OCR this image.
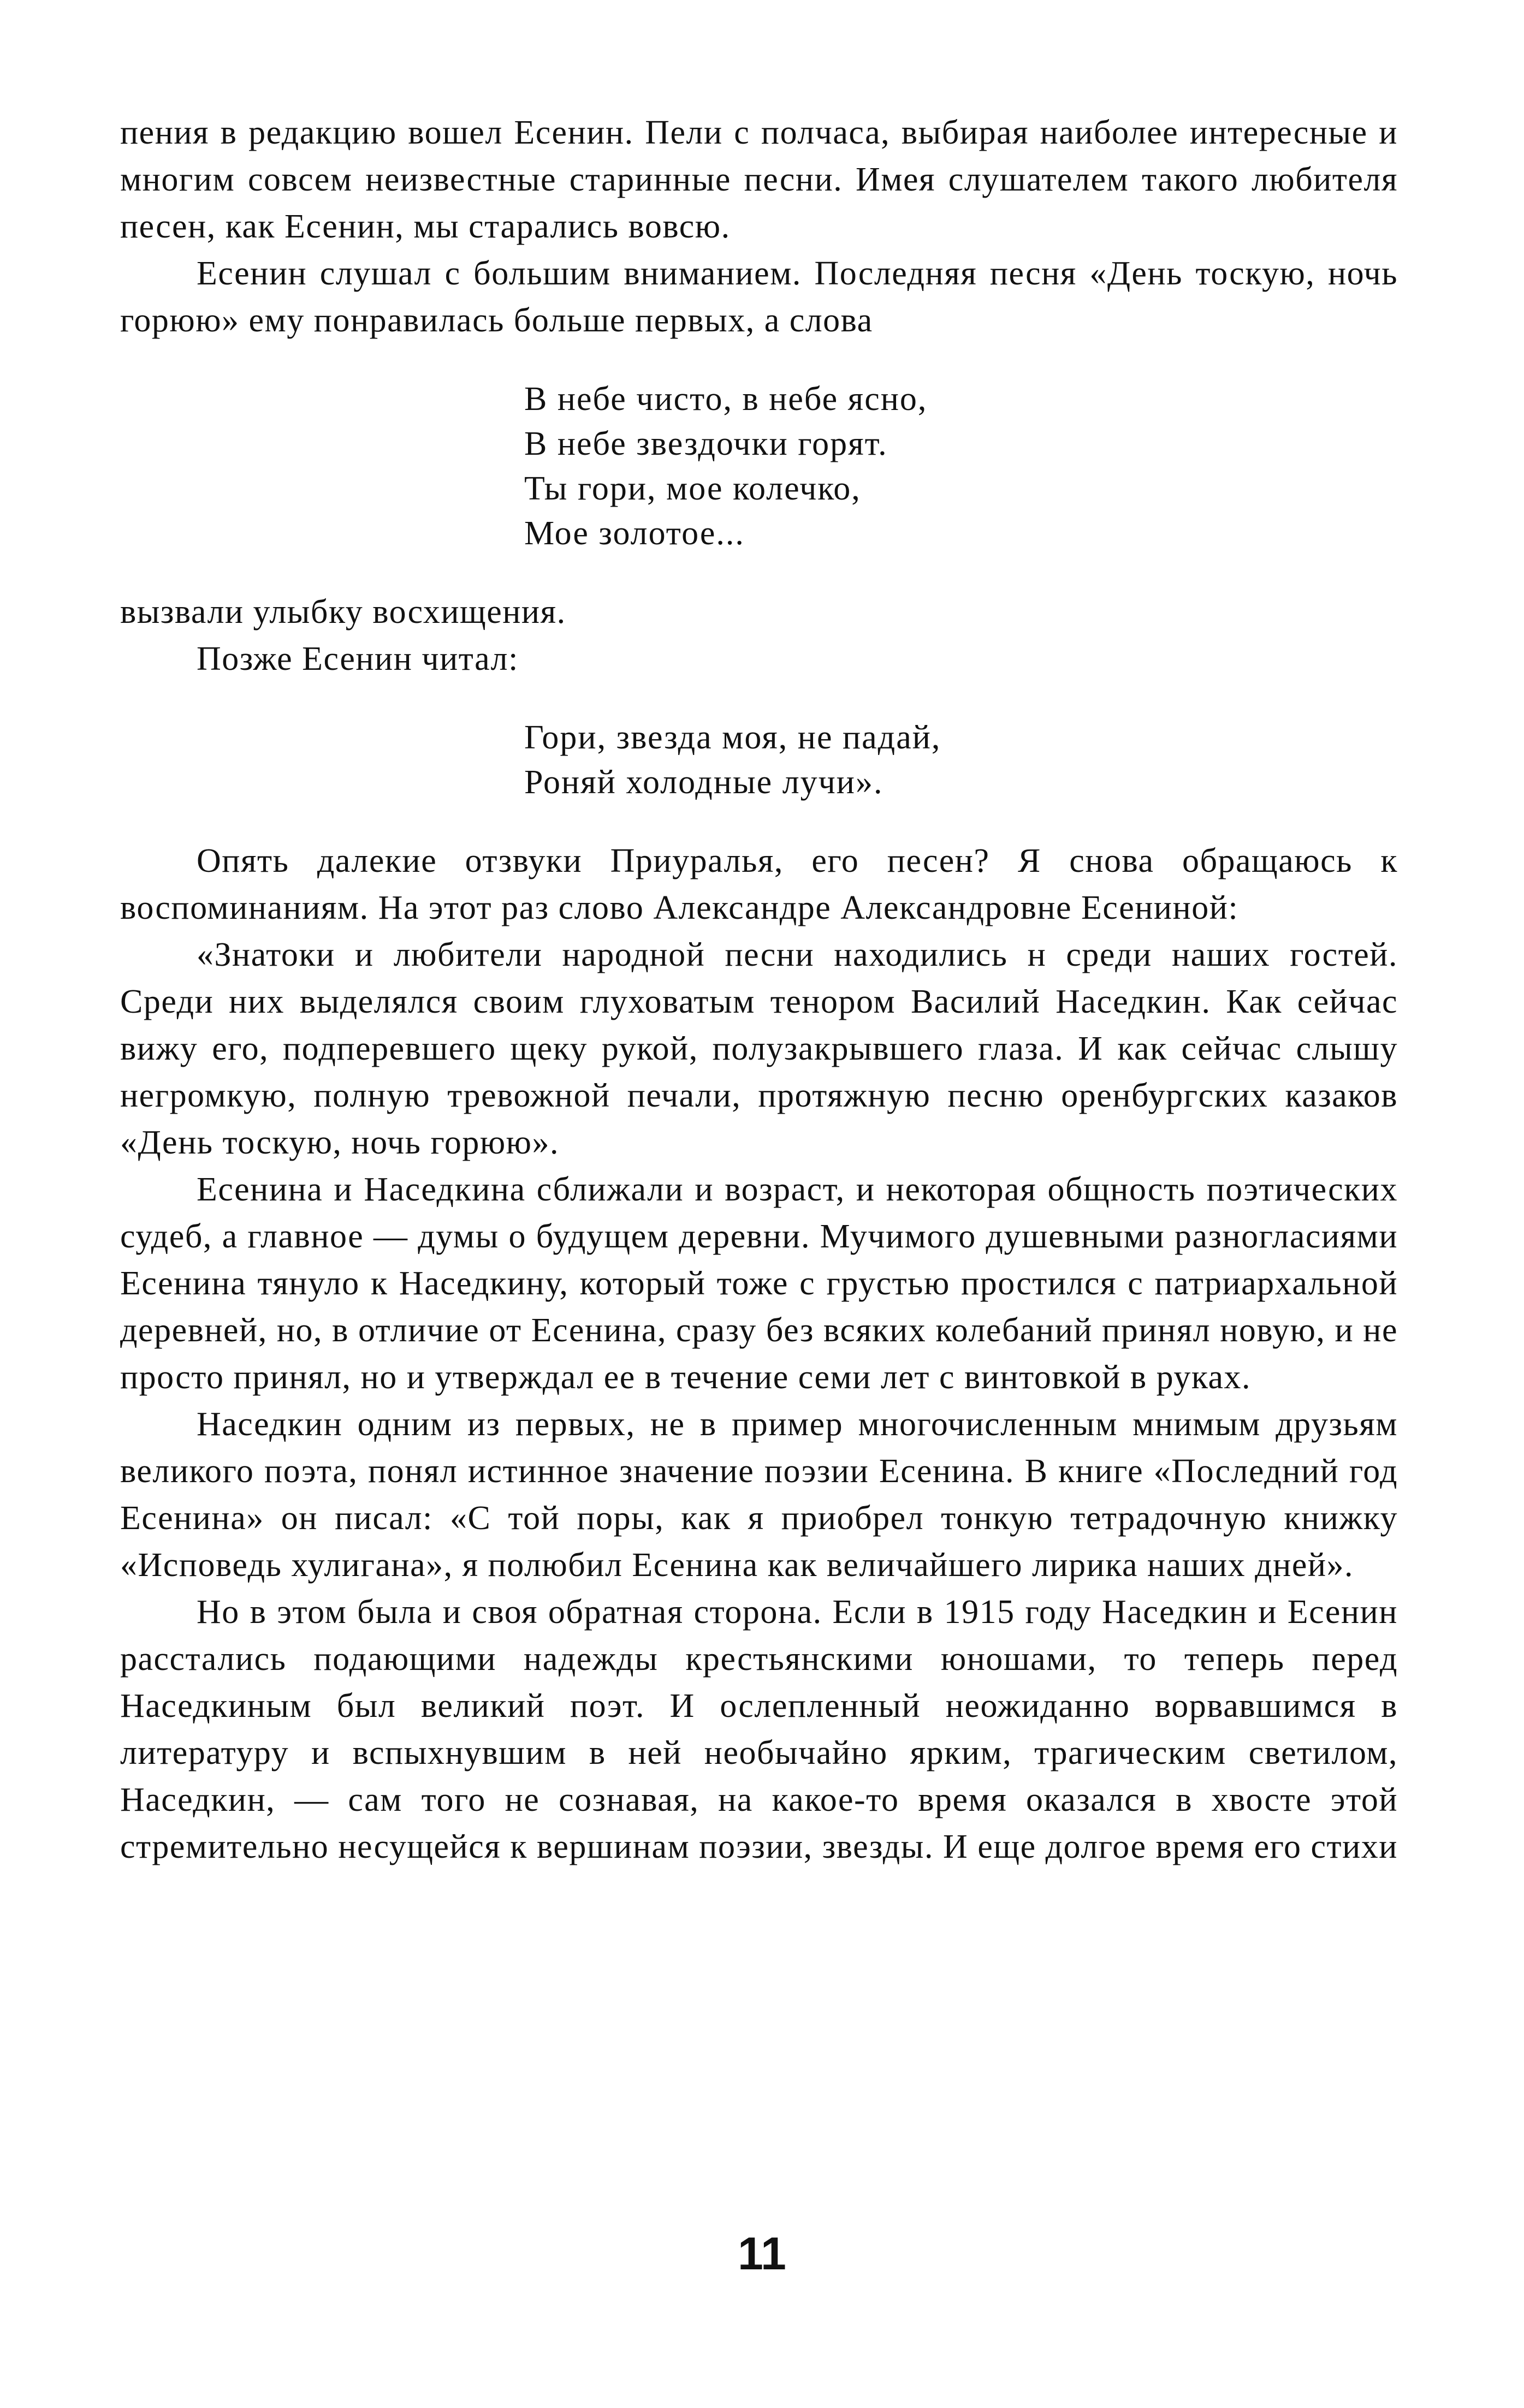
пения в редакцию вошел Есенин. Пели с полчаса, выбирая наиболее интересные и многим совсем неизвестные старинные песни. Имея слушателем такого любителя песен, как Есенин, мы старались вовсю.

Есенин слушал с большим вниманием. Последняя песня «День тоскую, ночь горюю» ему понравилась больше первых, а слова

В небе чисто, в небе ясно,
В небе звездочки горят.
Ты гори, мое колечко,
Мое золотое...

вызвали улыбку восхищения.

Позже Есенин читал:

Гори, звезда моя, не падай,
Роняй холодные лучи».

Опять далекие отзвуки Приуралья, его песен? Я снова обращаюсь к воспоминаниям. На этот раз слово Александре Александровне Есениной:

«Знатоки и любители народной песни находились н среди наших гостей. Среди них выделялся своим глуховатым тенором Василий Наседкин. Как сейчас вижу его, подперевшего щеку рукой, полузакрывшего глаза. И как сейчас слышу негромкую, полную тревожной печали, протяжную песню оренбургских казаков «День тоскую, ночь горюю».

Есенина и Наседкина сближали и возраст, и некоторая общность поэтических судеб, а главное — думы о будущем деревни. Мучимого душевными разногласиями Есенина тянуло к Наседкину, который тоже с грустью простился с патриархальной деревней, но, в отличие от Есенина, сразу без всяких колебаний принял новую, и не просто принял, но и утверждал ее в течение семи лет с винтовкой в руках.

Наседкин одним из первых, не в пример многочисленным мнимым друзьям великого поэта, понял истинное значение поэзии Есенина. В книге «Последний год Есенина» он писал: «С той поры, как я приобрел тонкую тетрадочную книжку «Исповедь хулигана», я полюбил Есенина как величайшего лирика наших дней».

Но в этом была и своя обратная сторона. Если в 1915 году Наседкин и Есенин расстались подающими надежды крестьянскими юношами, то теперь перед Наседкиным был великий поэт. И ослепленный неожиданно ворвавшимся в литературу и вспыхнувшим в ней необычайно ярким, трагическим светилом, Наседкин, — сам того не сознавая, на какое-то время оказался в хвосте этой стремительно несущейся к вершинам поэзии, звезды. И еще долгое время его стихи

11
